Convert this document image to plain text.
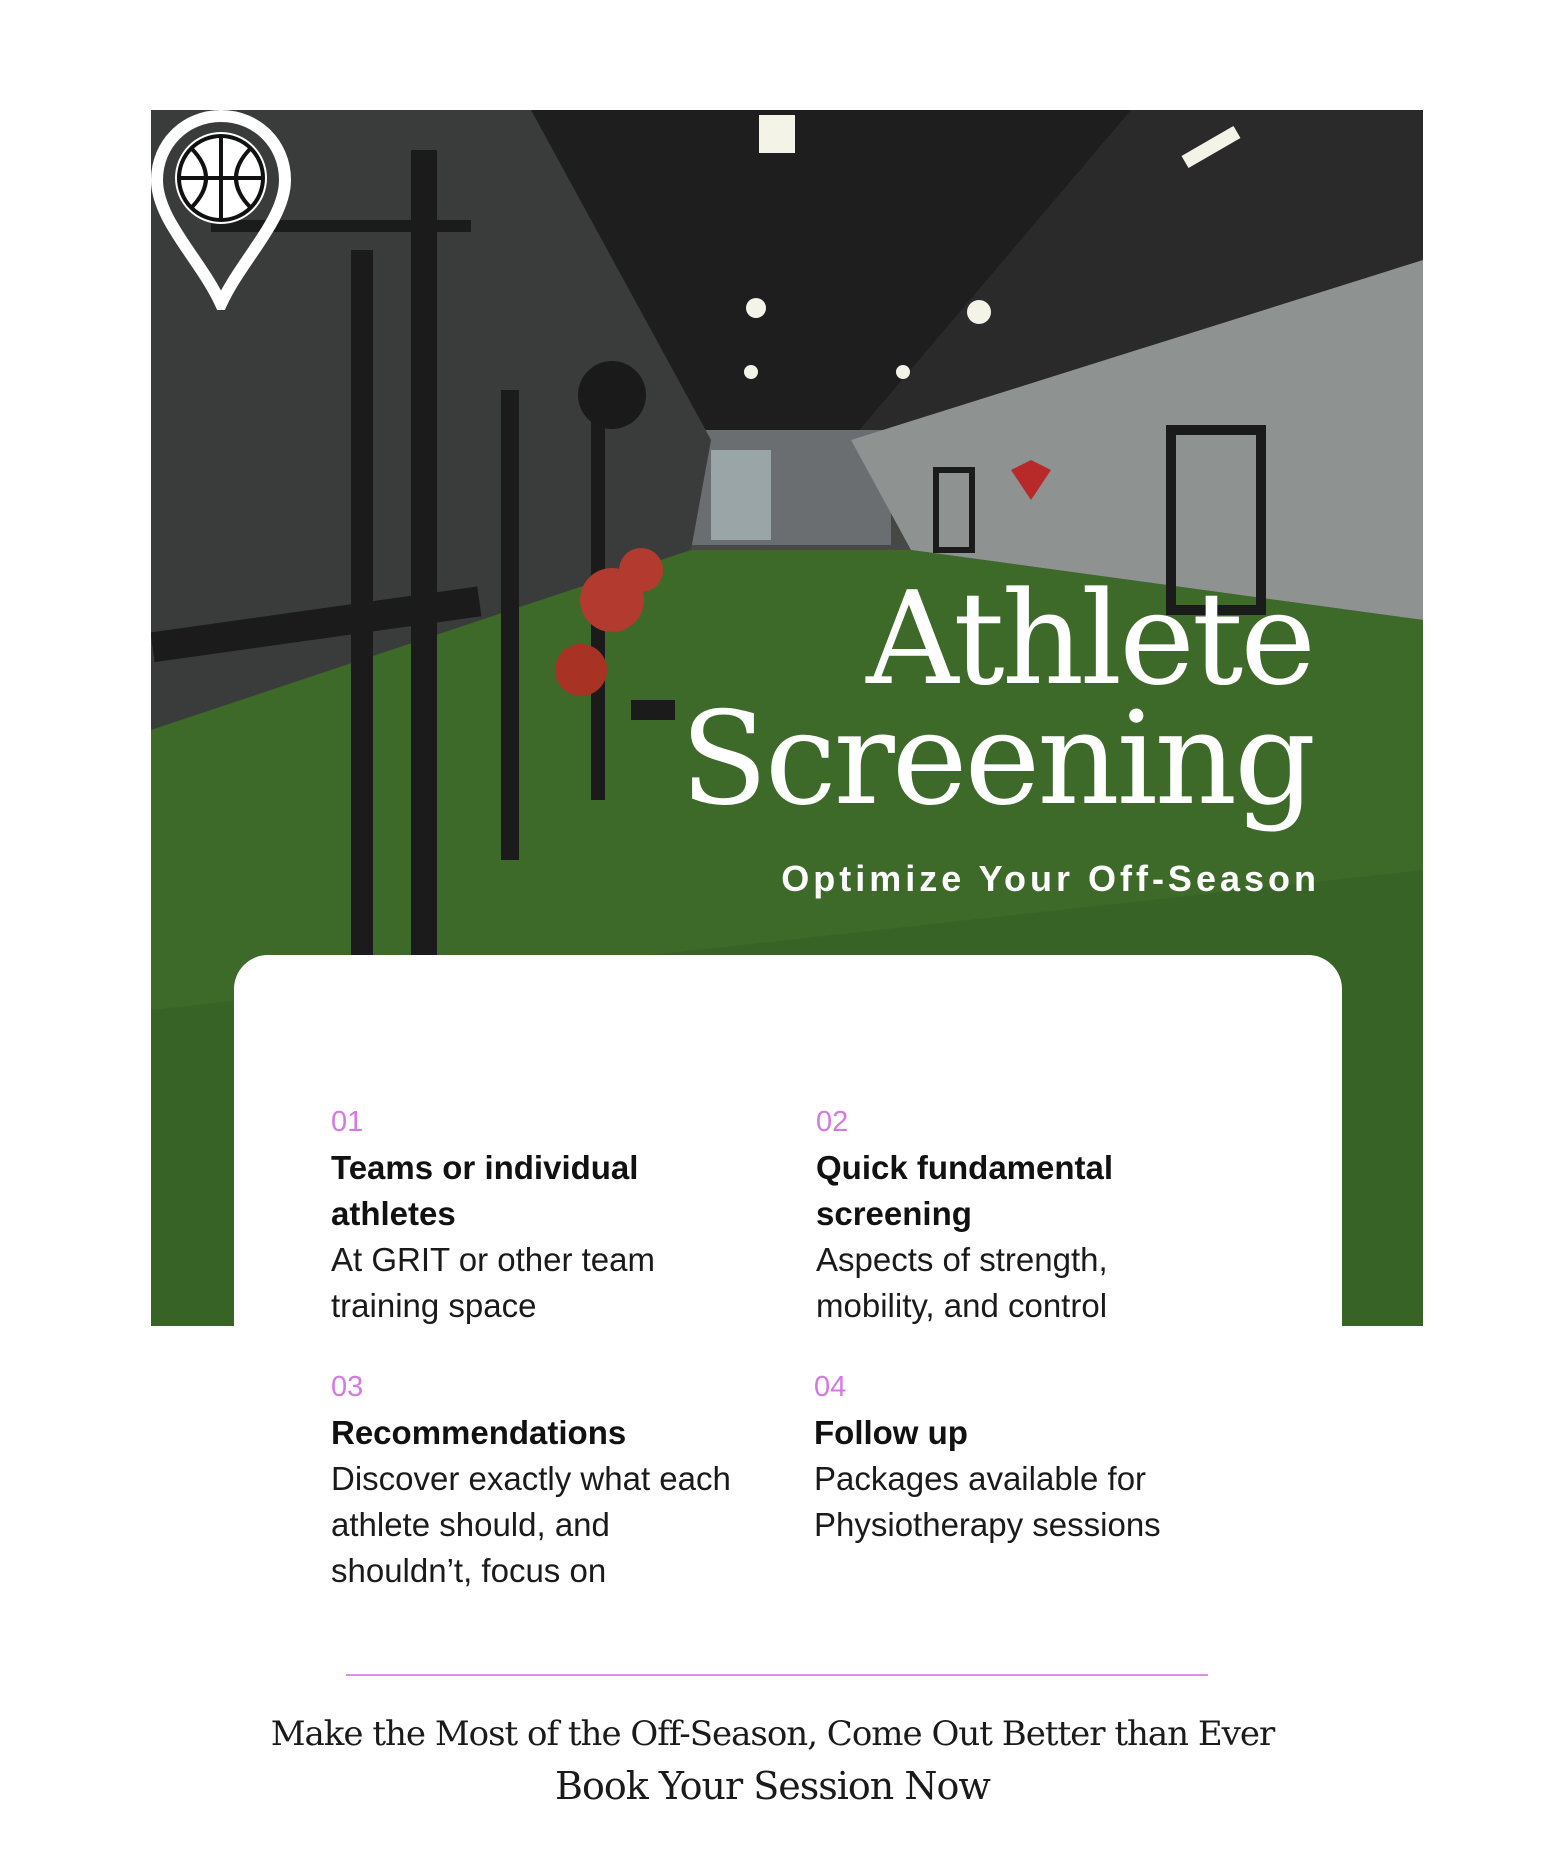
Athlete
Screening
Optimize Your Off-Season
01
Teams or individual athletes
At GRIT or other team training space
02
Quick fundamental screening
Aspects of strength, mobility, and control
03
Recommendations
Discover exactly what each athlete should, and shouldn’t, focus on
04
Follow up
Packages available for Physiotherapy sessions
Make the Most of the Off-Season, Come Out Better than Ever
Book Your Session Now
